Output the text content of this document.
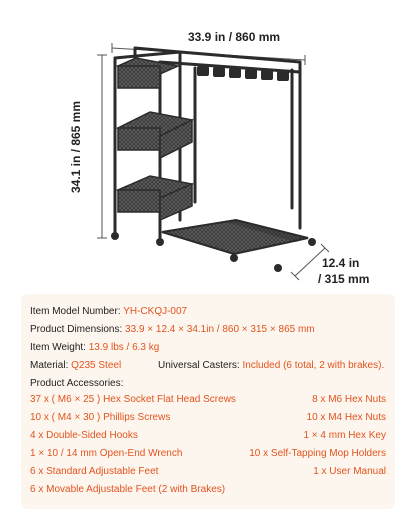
33.9 in / 860 mm
34.1 in / 865 mm
12.4 in
/ 315 mm
Item Model Number: YH-CKQJ-007
Product Dimensions: 33.9 × 12.4 × 34.1in / 860 × 315 × 865 mm
Item Weight: 13.9 lbs / 6.3 kg
Material: Q235 Steel	Universal Casters: Included (6 total, 2 with brakes).
Product Accessories:
37 x ( M6 × 25 ) Hex Socket Flat Head Screws
10 x ( M4 × 30 ) Phillips Screws
4 x Double-Sided Hooks
1 × 10 / 14 mm Open-End Wrench
6 x Standard Adjustable Feet
6 x Movable Adjustable Feet (2 with Brakes)
8 x M6 Hex Nuts
10 x M4 Hex Nuts
1 × 4 mm Hex Key
10 x Self-Tapping Mop Holders
1 x User Manual
